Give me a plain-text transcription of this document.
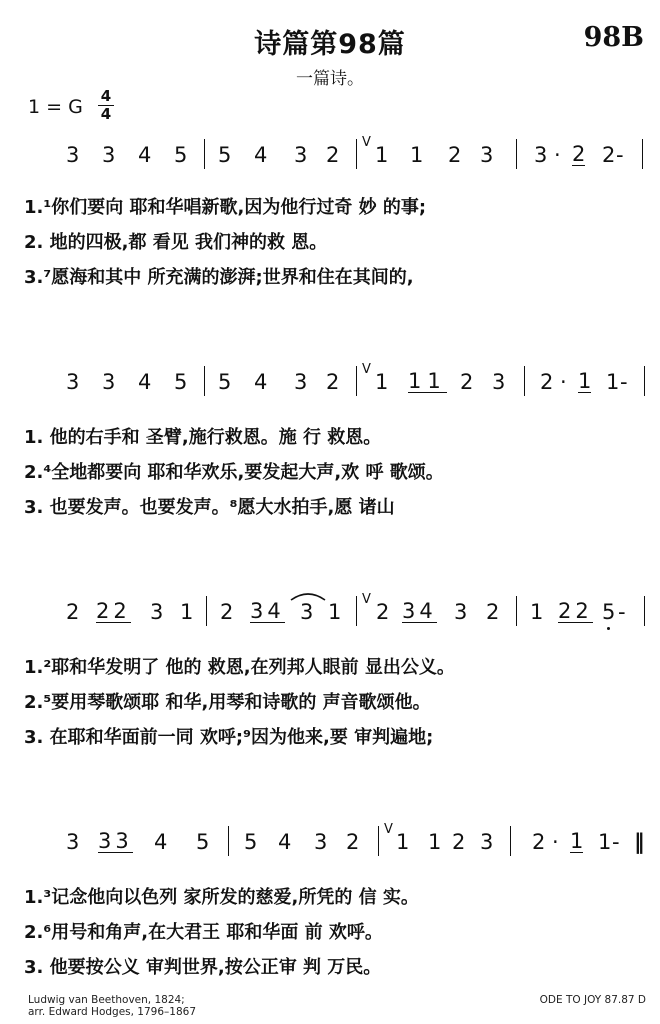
诗篇第98篇	98B
一篇诗。
1 = G 4
4
3 3 4 5 5 4 3 2
V
1 1 2 3 3 · 2 2 -
1.¹你们要向 耶和华唱新歌,因为他行过奇 妙 的事;
2. 地的四极,都 看见 我们神的救 恩。
3.⁷愿海和其中 所充满的澎湃;世界和住在其间的,
3 3 4 5 5 4 3 2
V
1 11 2 3 2 · 1 1 -
1. 他的右手和 圣臂,施行救恩。施 行 救恩。
2.⁴全地都要向 耶和华欢乐,要发起大声,欢 呼 歌颂。
3. 也要发声。也要发声。⁸愿大水拍手,愿 诸山
2 22 3 1 2 34 3 1
V
2 34 3 2 1 22 5 -
1.²耶和华发明了 他的 救恩,在列邦人眼前 显出公义。
2.⁵要用琴歌颂耶 和华,用琴和诗歌的 声音歌颂他。
3. 在耶和华面前一同 欢呼;⁹因为他来,要 审判遍地;
3 33 4 5 5 4 3 2
V
1 1 2 3 2 · 1 1 - ‖
1.³记念他向以色列 家所发的慈爱,所凭的 信 实。
2.⁶用号和角声,在大君王 耶和华面 前 欢呼。
3. 他要按公义 审判世界,按公正审 判 万民。
Ludwig van Beethoven, 1824;
arr. Edward Hodges, 1796–1867
ODE TO JOY 87.87 D
